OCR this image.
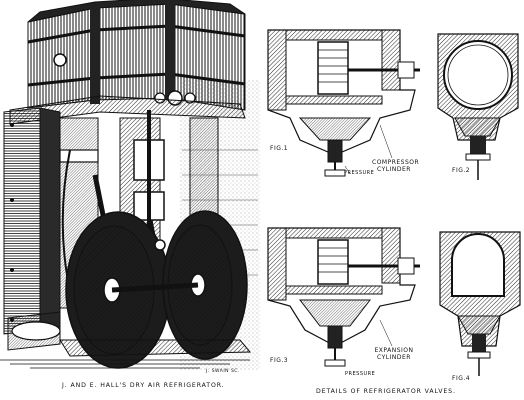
FIG.1
FIG.2
FIG.3
FIG.4
COMPRESSOR
CYLINDER
EXPANSION
CYLINDER
PRESSURE
PRESSURE
J. SWAIN SC.
J. AND E. HALL'S DRY AIR REFRIGERATOR.
DETAILS OF REFRIGERATOR VALVES.
